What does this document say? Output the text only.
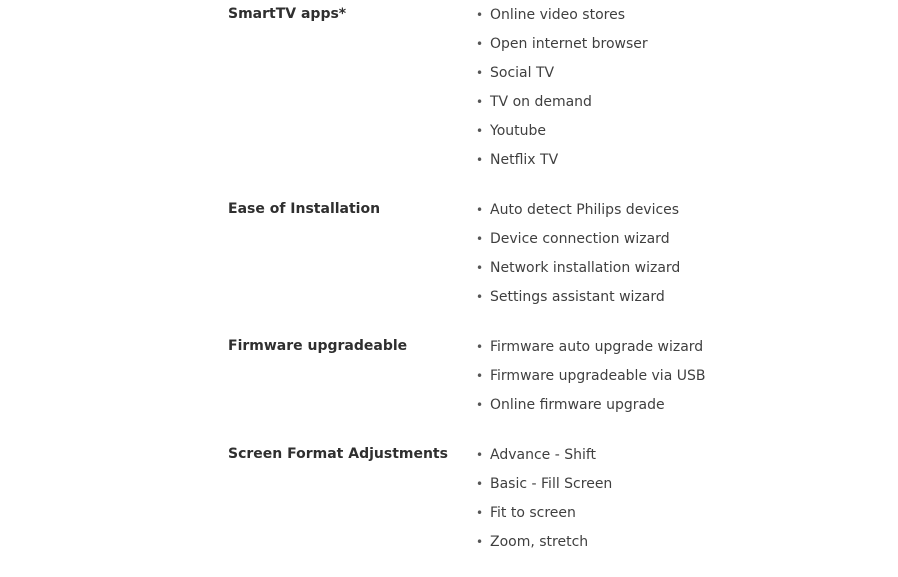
SmartTV apps*	• Online video stores
• Open internet browser
• Social TV
• TV on demand
• Youtube
• Netflix TV
Ease of Installation	• Auto detect Philips devices
• Device connection wizard
• Network installation wizard
• Settings assistant wizard
Firmware upgradeable	• Firmware auto upgrade wizard
• Firmware upgradeable via USB
• Online firmware upgrade
Screen Format Adjustments	• Advance - Shift
• Basic - Fill Screen
• Fit to screen
• Zoom, stretch
